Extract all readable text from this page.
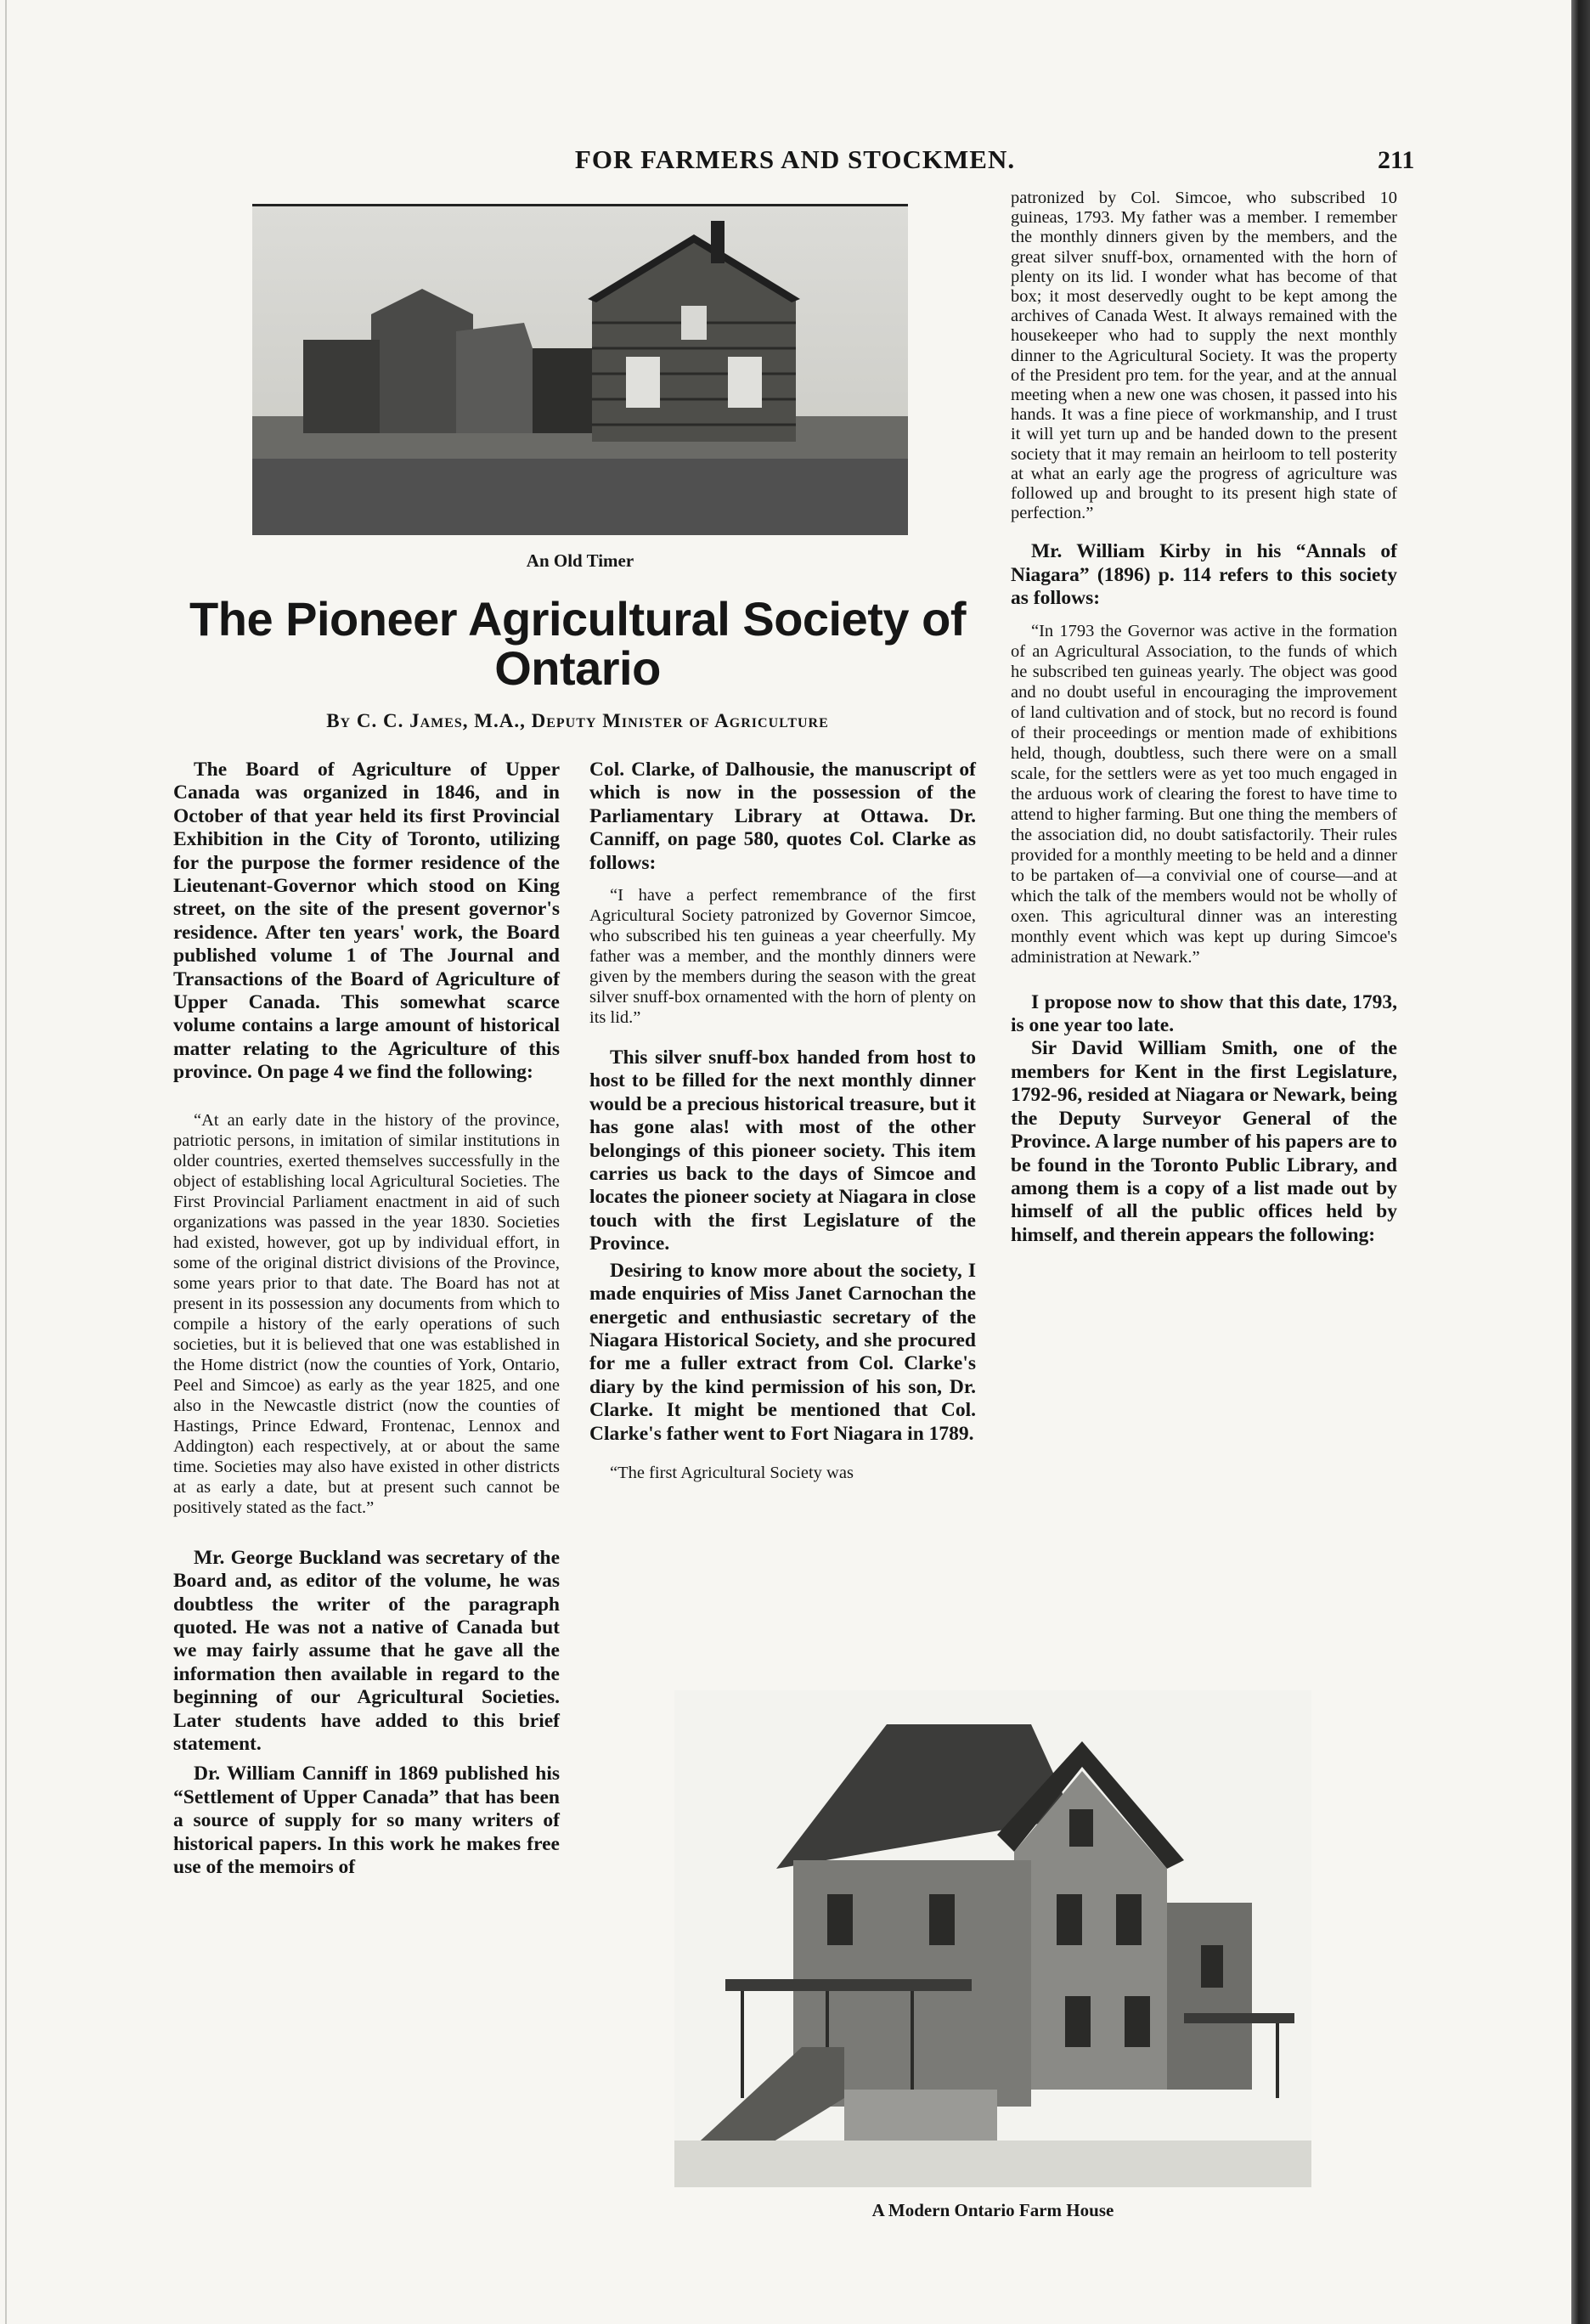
FOR FARMERS AND STOCKMEN.	211
An Old Timer
The Pioneer Agricultural Society of
Ontario
By C. C. James, M.A., Deputy Minister of Agriculture

The Board of Agriculture of Upper Canada was organized in 1846, and in October of that year held its first Provincial Exhibition in the City of Toronto, utilizing for the purpose the former residence of the Lieutenant-Governor which stood on King street, on the site of the present governor's residence. After ten years' work, the Board published volume 1 of The Journal and Transactions of the Board of Agriculture of Upper Canada. This somewhat scarce volume contains a large amount of historical matter relating to the Agriculture of this province. On page 4 we find the following:

“At an early date in the history of the province, patriotic persons, in imitation of similar institutions in older countries, exerted themselves successfully in the object of establishing local Agricultural Societies. The First Provincial Parliament enactment in aid of such organizations was passed in the year 1830. Societies had existed, however, got up by individual effort, in some of the original district divisions of the Province, some years prior to that date. The Board has not at present in its possession any documents from which to compile a history of the early operations of such societies, but it is believed that one was established in the Home district (now the counties of York, Ontario, Peel and Simcoe) as early as the year 1825, and one also in the Newcastle district (now the counties of Hastings, Prince Edward, Frontenac, Lennox and Addington) each respectively, at or about the same time. Societies may also have existed in other districts at as early a date, but at present such cannot be positively stated as the fact.”

Mr. George Buckland was secretary of the Board and, as editor of the volume, he was doubtless the writer of the paragraph quoted. He was not a native of Canada but we may fairly assume that he gave all the information then available in regard to the beginning of our Agricultural Societies. Later students have added to this brief statement.

Dr. William Canniff in 1869 published his “Settlement of Upper Canada” that has been a source of supply for so many writers of historical papers. In this work he makes free use of the memoirs of

Col. Clarke, of Dalhousie, the manuscript of which is now in the possession of the Parliamentary Library at Ottawa. Dr. Canniff, on page 580, quotes Col. Clarke as follows:

“I have a perfect remembrance of the first Agricultural Society patronized by Governor Simcoe, who subscribed his ten guineas a year cheerfully. My father was a member, and the monthly dinners were given by the members during the season with the great silver snuff-box ornamented with the horn of plenty on its lid.”

This silver snuff-box handed from host to host to be filled for the next monthly dinner would be a precious historical treasure, but it has gone alas! with most of the other belongings of this pioneer society. This item carries us back to the days of Simcoe and locates the pioneer society at Niagara in close touch with the first Legislature of the Province.

Desiring to know more about the society, I made enquiries of Miss Janet Carnochan the energetic and enthusiastic secretary of the Niagara Historical Society, and she procured for me a fuller extract from Col. Clarke's diary by the kind permission of his son, Dr. Clarke. It might be mentioned that Col. Clarke's father went to Fort Niagara in 1789.

“The first Agricultural Society was

patronized by Col. Simcoe, who subscribed 10 guineas, 1793. My father was a member. I remember the monthly dinners given by the members, and the great silver snuff-box, ornamented with the horn of plenty on its lid. I wonder what has become of that box; it most deservedly ought to be kept among the archives of Canada West. It always remained with the housekeeper who had to supply the next monthly dinner to the Agricultural Society. It was the property of the President pro tem. for the year, and at the annual meeting when a new one was chosen, it passed into his hands. It was a fine piece of workmanship, and I trust it will yet turn up and be handed down to the present society that it may remain an heirloom to tell posterity at what an early age the progress of agriculture was followed up and brought to its present high state of perfection.”

Mr. William Kirby in his “Annals of Niagara” (1896) p. 114 refers to this society as follows:

“In 1793 the Governor was active in the formation of an Agricultural Association, to the funds of which he subscribed ten guineas yearly. The object was good and no doubt useful in encouraging the improvement of land cultivation and of stock, but no record is found of their proceedings or mention made of exhibitions held, though, doubtless, such there were on a small scale, for the settlers were as yet too much engaged in the arduous work of clearing the forest to have time to attend to higher farming. But one thing the members of the association did, no doubt satisfactorily. Their rules provided for a monthly meeting to be held and a dinner to be partaken of—a convivial one of course—and at which the talk of the members would not be wholly of oxen. This agricultural dinner was an interesting monthly event which was kept up during Simcoe's administration at Newark.”

I propose now to show that this date, 1793, is one year too late.

Sir David William Smith, one of the members for Kent in the first Legislature, 1792-96, resided at Niagara or Newark, being the Deputy Surveyor General of the Province. A large number of his papers are to be found in the Toronto Public Library, and among them is a copy of a list made out by himself of all the public offices held by himself, and therein appears the following:

A Modern Ontario Farm House
